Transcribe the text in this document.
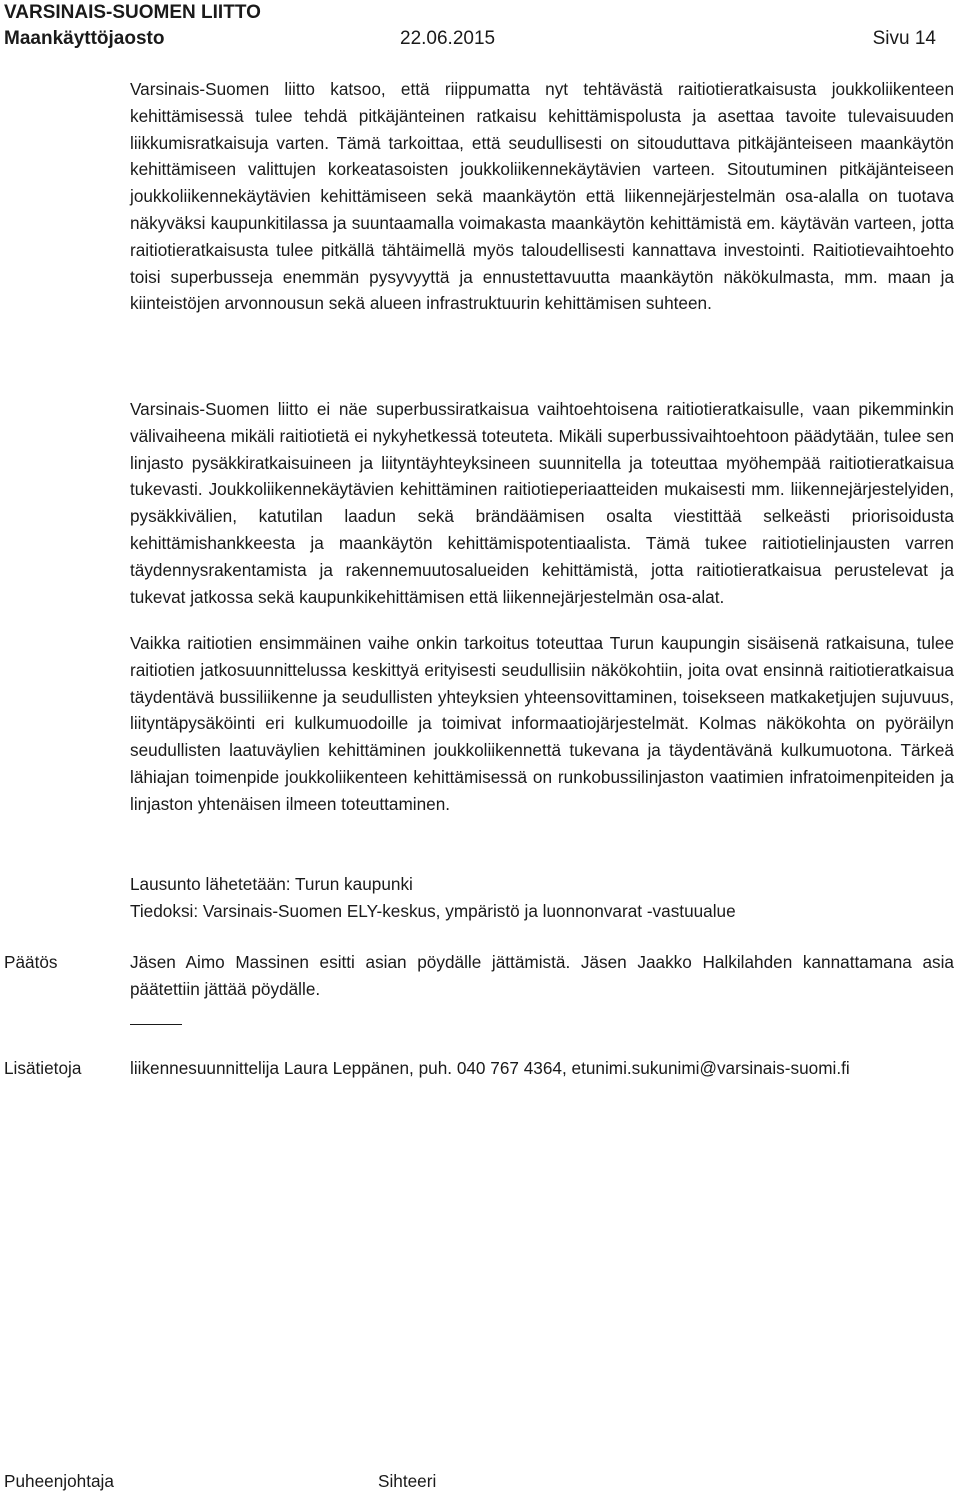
VARSINAIS-SUOMEN LIITTO
Maankäyttöjaosto	22.06.2015	Sivu 14
Varsinais-Suomen liitto katsoo, että riippumatta nyt tehtävästä raitiotieratkaisusta joukkoliikenteen kehittämisessä tulee tehdä pitkäjänteinen ratkaisu kehittämispolusta ja asettaa tavoite tulevaisuuden liikkumisratkaisuja varten. Tämä tarkoittaa, että seudullisesti on sitouduttava pitkäjänteiseen maankäytön kehittämiseen valittujen korkeatasoisten joukkoliikennekäytävien varteen. Sitoutuminen pitkäjänteiseen joukkoliikennekäytävien kehittämiseen sekä maankäytön että liikennejärjestelmän osa-alalla on tuotava näkyväksi kaupunkitilassa ja suuntaamalla voimakasta maankäytön kehittämistä em. käytävän varteen, jotta raitiotieratkaisusta tulee pitkällä tähtäimellä myös taloudellisesti kannattava investointi. Raitiotievaihtoehto toisi superbusseja enemmän pysyvyyttä ja ennustettavuutta maankäytön näkökulmasta, mm. maan ja kiinteistöjen arvonnousun sekä alueen infrastruktuurin kehittämisen suhteen.
Varsinais-Suomen liitto ei näe superbussiratkaisua vaihtoehtoisena raitiotieratkaisulle, vaan pikemminkin välivaiheena mikäli raitiotietä ei nykyhetkessä toteuteta. Mikäli superbussivaihtoehtoon päädytään, tulee sen linjasto pysäkkiratkaisuineen ja liityntäyhteyksineen suunnitella ja toteuttaa myöhempää raitiotieratkaisua tukevasti. Joukkoliikennekäytävien kehittäminen raitiotieperiaatteiden mukaisesti mm. liikennejärjestelyiden, pysäkkivälien, katutilan laadun sekä brändäämisen osalta viestittää selkeästi priorisoidusta kehittämishankkeesta ja maankäytön kehittämispotentiaalista. Tämä tukee raitiotielinjausten varren täydennysrakentamista ja rakennemuutosalueiden kehittämistä, jotta raitiotieratkaisua perustelevat ja tukevat jatkossa sekä kaupunkikehittämisen että liikennejärjestelmän osa-alat.
Vaikka raitiotien ensimmäinen vaihe onkin tarkoitus toteuttaa Turun kaupungin sisäisenä ratkaisuna, tulee raitiotien jatkosuunnittelussa keskittyä erityisesti seudullisiin näkökohtiin, joita ovat ensinnä raitiotieratkaisua täydentävä bussiliikenne ja seudullisten yhteyksien yhteensovittaminen, toisekseen matkaketjujen sujuvuus, liityntäpysäköinti eri kulkumuodoille ja toimivat informaatiojärjestelmät. Kolmas näkökohta on pyöräilyn seudullisten laatuväylien kehittäminen joukkoliikennettä tukevana ja täydentävänä kulkumuotona. Tärkeä lähiajan toimenpide joukkoliikenteen kehittämisessä on runkobussilinjaston vaatimien infratoimenpiteiden ja linjaston yhtenäisen ilmeen toteuttaminen.
Lausunto lähetetään: Turun kaupunki
Tiedoksi: Varsinais-Suomen ELY-keskus, ympäristö ja luonnonvarat -vastuualue
Päätös	Jäsen Aimo Massinen esitti asian pöydälle jättämistä. Jäsen Jaakko Halkilahden kannattamana asia päätettiin jättää pöydälle.
Lisätietoja	liikennesuunnittelija Laura Leppänen, puh. 040 767 4364, etunimi.sukunimi@varsinais-suomi.fi
Puheenjohtaja	Sihteeri
